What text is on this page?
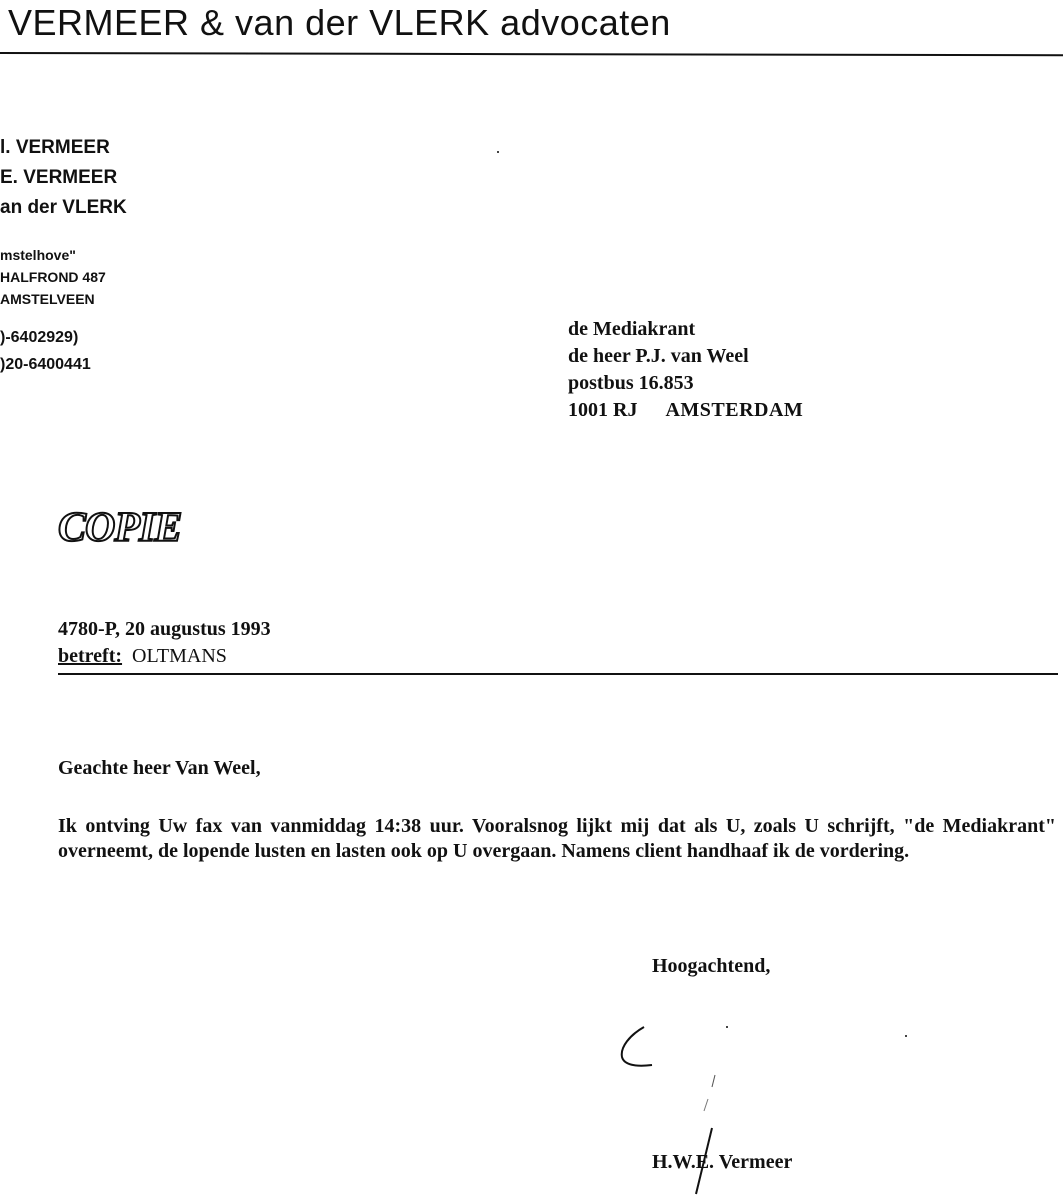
VERMEER & van der VLERK advocaten
l. VERMEER
E. VERMEER
an der VLERK
mstelhove"
HALFROND 487
AMSTELVEEN
)-6402929)
)20-6400441
de Mediakrant
de heer P.J. van Weel
postbus 16.853
1001 RJ AMSTERDAM
COPIE
4780-P, 20 augustus 1993
betreft: OLTMANS
Geachte heer Van Weel,
Ik ontving Uw fax van vanmiddag 14:38 uur. Vooralsnog lijkt mij dat als U, zoals U schrijft, "de Mediakrant" overneemt, de lopende lusten en lasten ook op U overgaan. Namens client handhaaf ik de vordering.
Hoogachtend,
H.W.E. Vermeer
